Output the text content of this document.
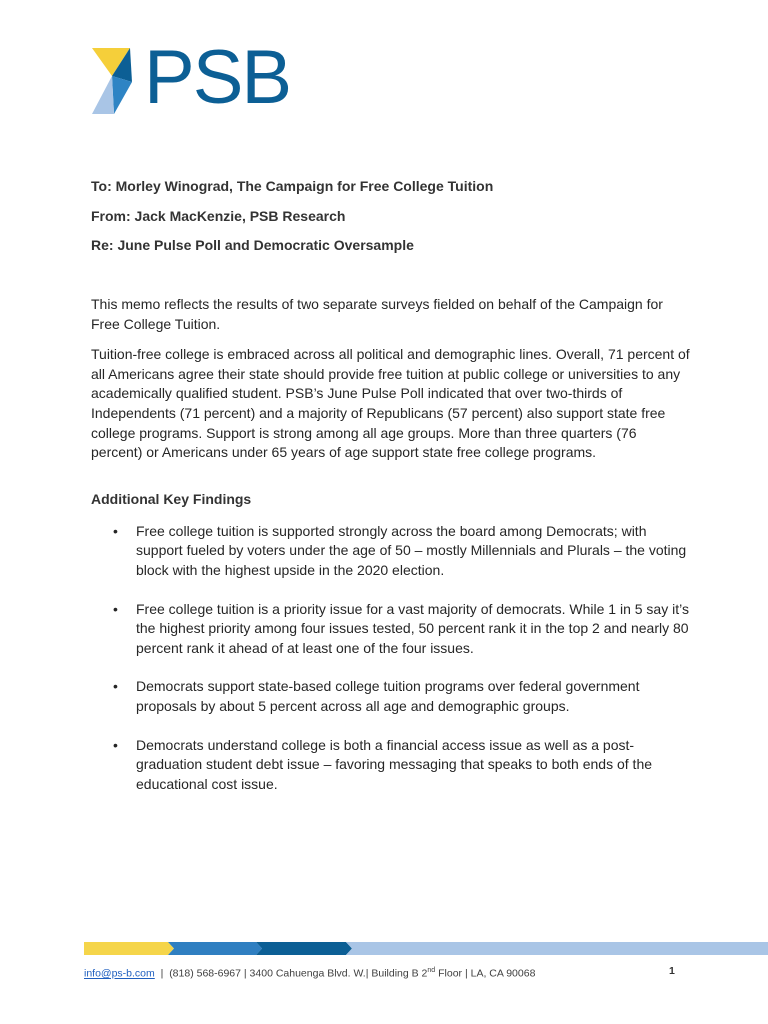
PSB
To: Morley Winograd, The Campaign for Free College Tuition
From: Jack MacKenzie, PSB Research
Re: June Pulse Poll and Democratic Oversample

This memo reflects the results of two separate surveys fielded on behalf of the Campaign for Free College Tuition.

Tuition-free college is embraced across all political and demographic lines. Overall, 71 percent of all Americans agree their state should provide free tuition at public college or universities to any academically qualified student. PSB’s June Pulse Poll indicated that over two-thirds of Independents (71 percent) and a majority of Republicans (57 percent) also support state free college programs. Support is strong among all age groups. More than three quarters (76 percent) or Americans under 65 years of age support state free college programs.

Additional Key Findings
• Free college tuition is supported strongly across the board among Democrats; with support fueled by voters under the age of 50 – mostly Millennials and Plurals – the voting block with the highest upside in the 2020 election.
• Free college tuition is a priority issue for a vast majority of democrats. While 1 in 5 say it’s the highest priority among four issues tested, 50 percent rank it in the top 2 and nearly 80 percent rank it ahead of at least one of the four issues.
• Democrats support state-based college tuition programs over federal government proposals by about 5 percent across all age and demographic groups.
• Democrats understand college is both a financial access issue as well as a post-graduation student debt issue – favoring messaging that speaks to both ends of the educational cost issue.
info@ps-b.com  |  (818) 568-6967 | 3400 Cahuenga Blvd. W.| Building B 2nd Floor | LA, CA 90068	1
